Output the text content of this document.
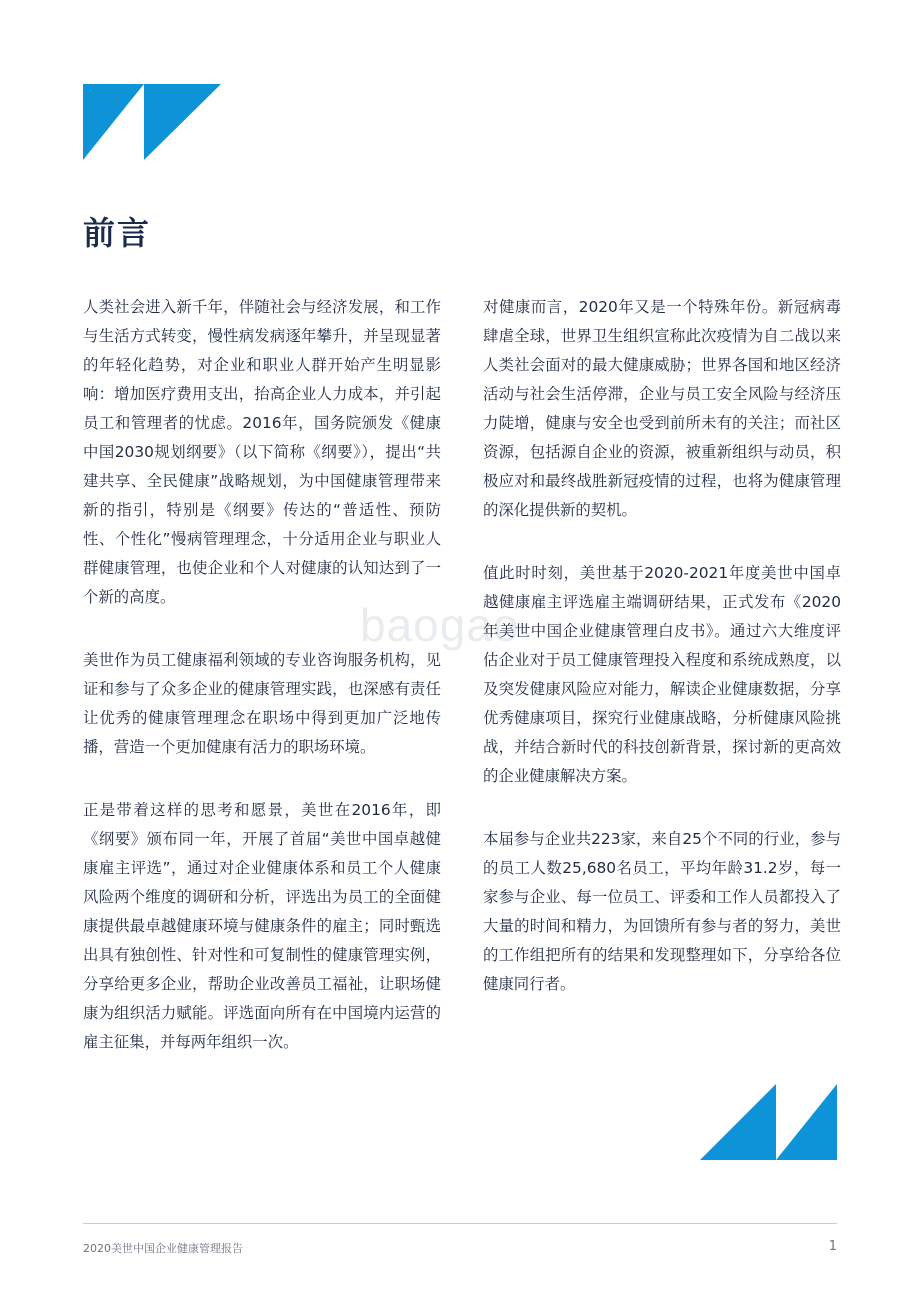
前言
baogao

人类社会进入新千年，伴随社会与经济发展，和工作与生活方式转变，慢性病发病逐年攀升，并呈现显著的年轻化趋势，对企业和职业人群开始产生明显影响：增加医疗费用支出，抬高企业人力成本，并引起员工和管理者的忧虑。2016年，国务院颁发《健康中国2030规划纲要》（以下简称《纲要》），提出“共建共享、全民健康”战略规划，为中国健康管理带来新的指引，特别是《纲要》传达的“普适性、预防性、个性化”慢病管理理念，十分适用企业与职业人群健康管理，也使企业和个人对健康的认知达到了一个新的高度。

美世作为员工健康福利领域的专业咨询服务机构，见证和参与了众多企业的健康管理实践，也深感有责任让优秀的健康管理理念在职场中得到更加广泛地传播，营造一个更加健康有活力的职场环境。

正是带着这样的思考和愿景，美世在2016年，即《纲要》颁布同一年，开展了首届“美世中国卓越健康雇主评选”，通过对企业健康体系和员工个人健康风险两个维度的调研和分析，评选出为员工的全面健康提供最卓越健康环境与健康条件的雇主；同时甄选出具有独创性、针对性和可复制性的健康管理实例，分享给更多企业，帮助企业改善员工福祉，让职场健康为组织活力赋能。评选面向所有在中国境内运营的雇主征集，并每两年组织一次。

对健康而言，2020年又是一个特殊年份。新冠病毒肆虐全球，世界卫生组织宣称此次疫情为自二战以来人类社会面对的最大健康威胁；世界各国和地区经济活动与社会生活停滞，企业与员工安全风险与经济压力陡增，健康与安全也受到前所未有的关注；而社区资源，包括源自企业的资源，被重新组织与动员，积极应对和最终战胜新冠疫情的过程，也将为健康管理的深化提供新的契机。

值此时时刻，美世基于2020-2021年度美世中国卓越健康雇主评选雇主端调研结果，正式发布《2020年美世中国企业健康管理白皮书》。通过六大维度评估企业对于员工健康管理投入程度和系统成熟度，以及突发健康风险应对能力，解读企业健康数据，分享优秀健康项目，探究行业健康战略，分析健康风险挑战，并结合新时代的科技创新背景，探讨新的更高效的企业健康解决方案。

本届参与企业共223家，来自25个不同的行业，参与的员工人数25,680名员工，平均年龄31.2岁，每一家参与企业、每一位员工、评委和工作人员都投入了大量的时间和精力，为回馈所有参与者的努力，美世的工作组把所有的结果和发现整理如下，分享给各位健康同行者。

2020美世中国企业健康管理报告	1
